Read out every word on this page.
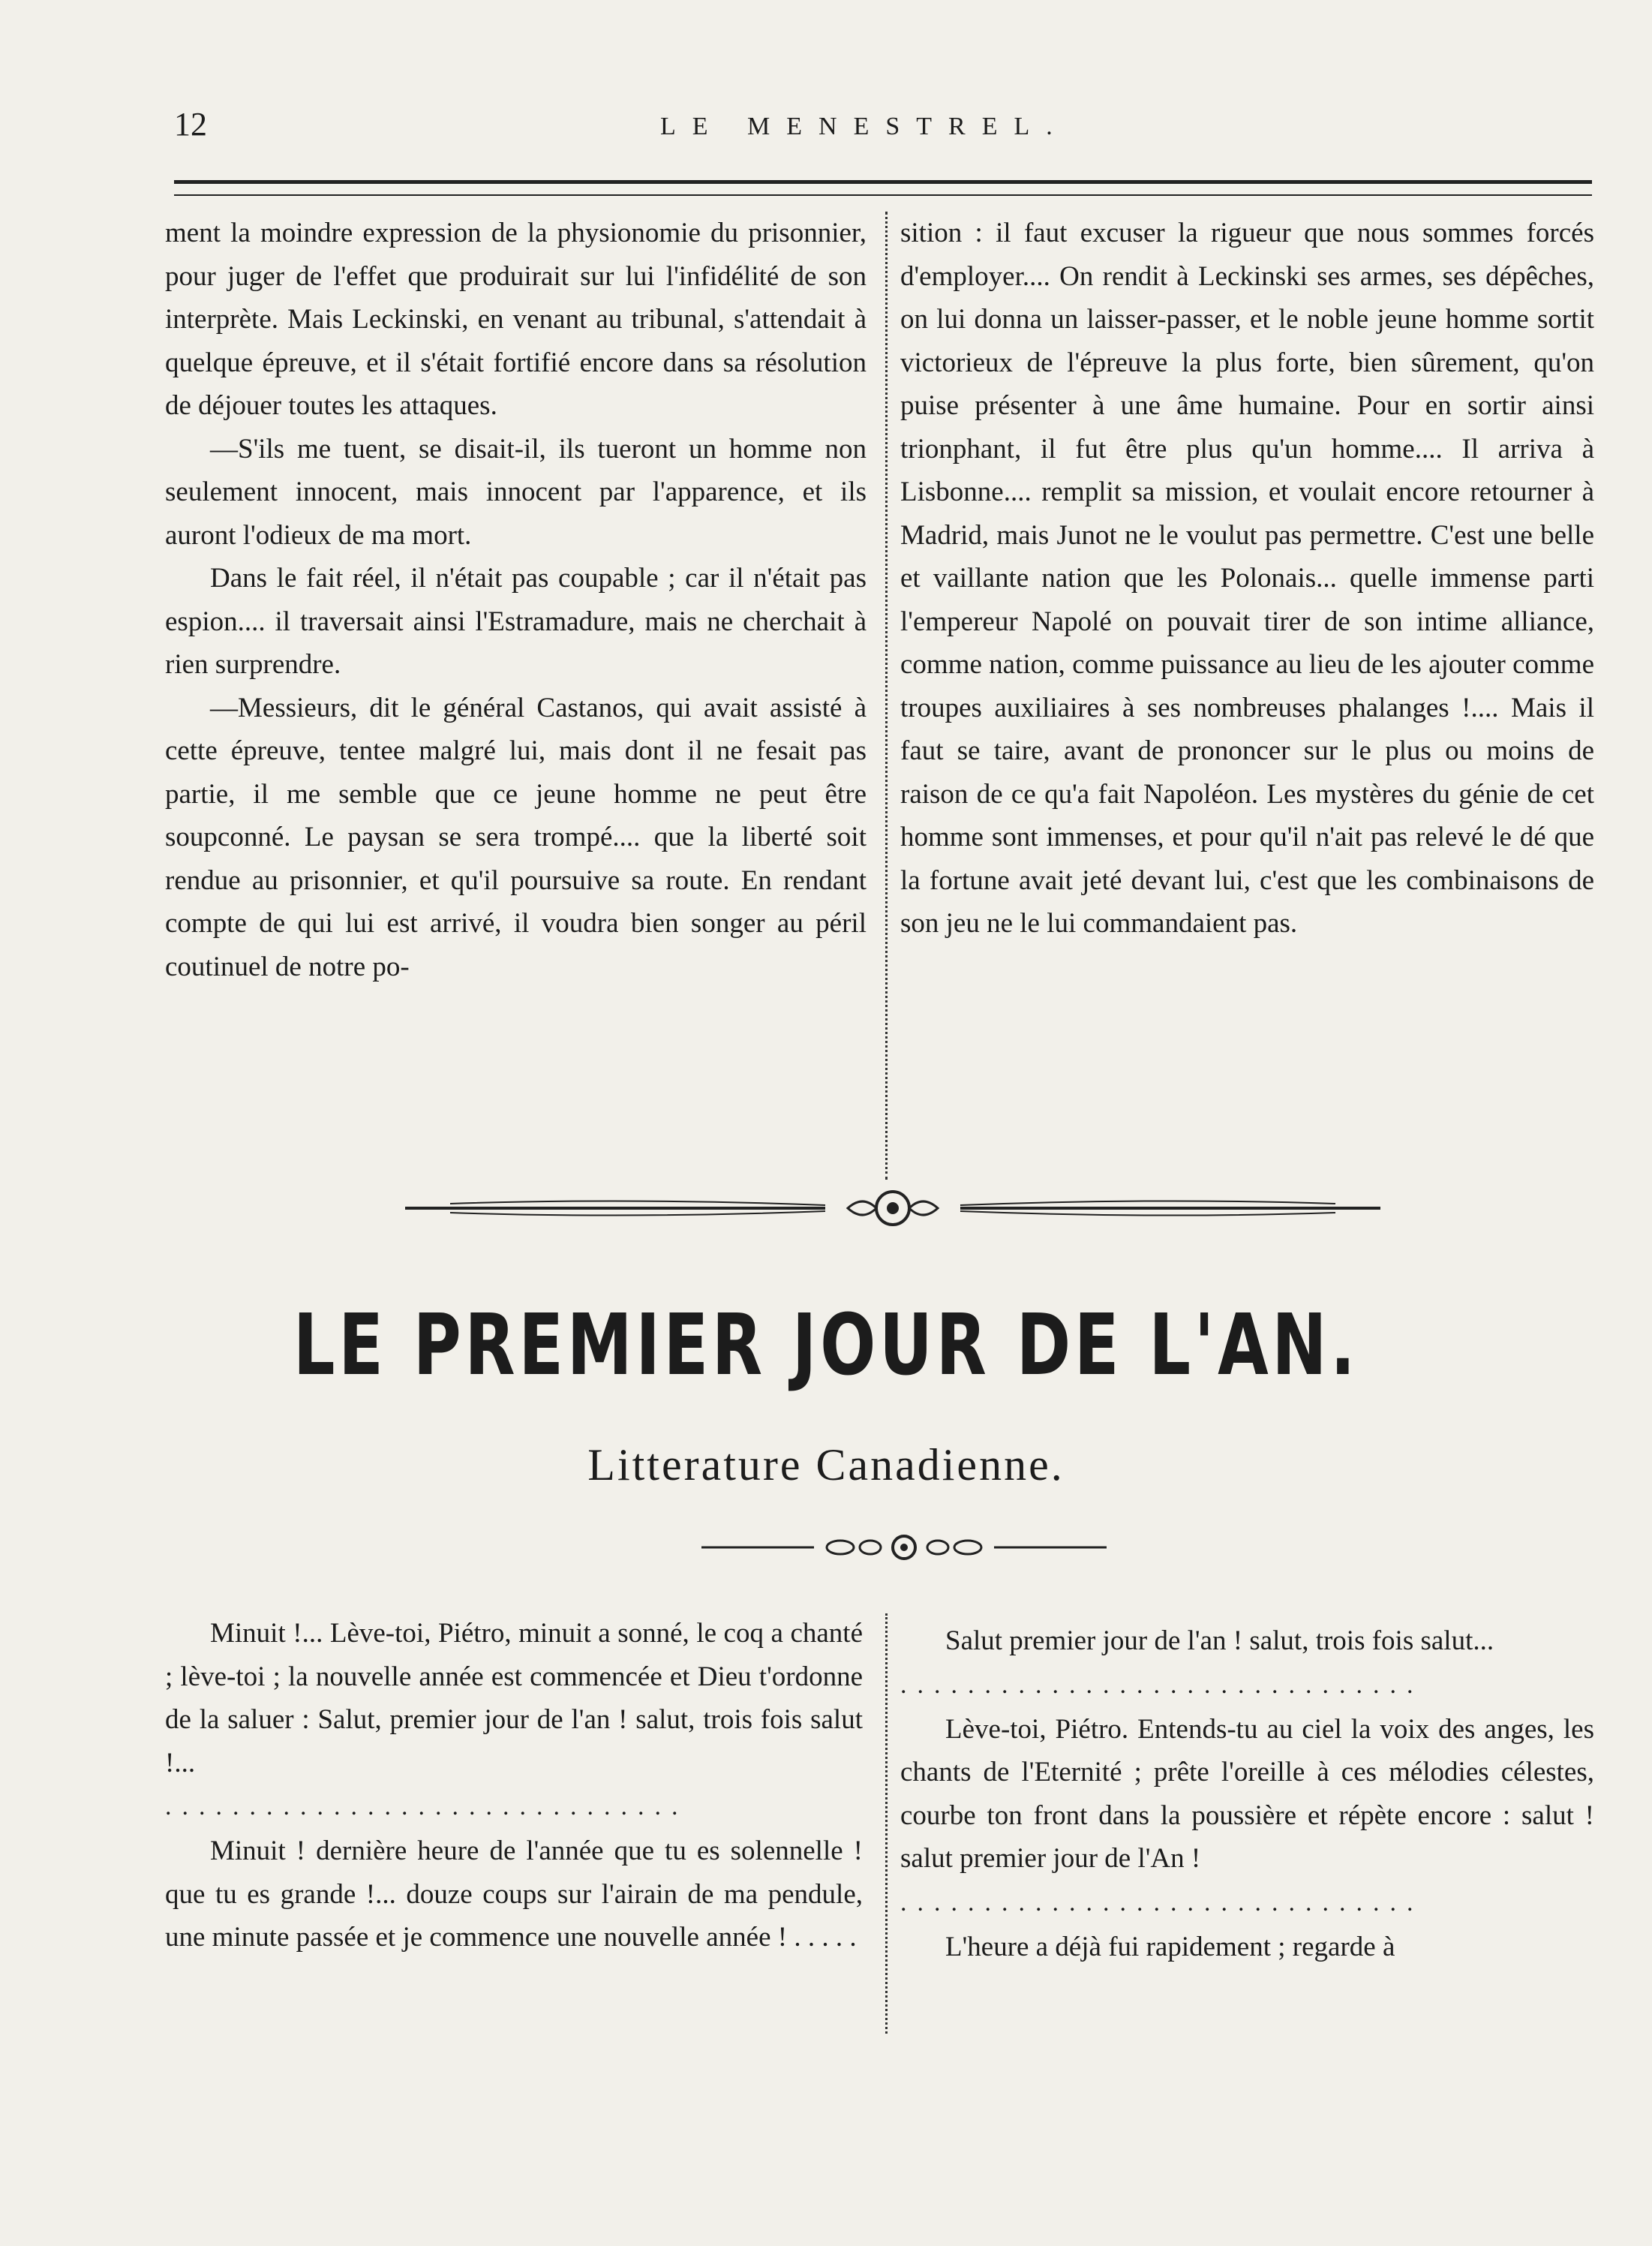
12	LE MENESTREL.

ment la moindre expression de la physionomie du prisonnier, pour juger de l'effet que produirait sur lui l'infidélité de son interprète. Mais Leckinski, en venant au tribunal, s'attendait à quelque épreuve, et il s'était fortifié encore dans sa résolution de déjouer toutes les attaques.

—S'ils me tuent, se disait-il, ils tueront un homme non seulement innocent, mais innocent par l'apparence, et ils auront l'odieux de ma mort.

Dans le fait réel, il n'était pas coupable ; car il n'était pas espion.... il traversait ainsi l'Estramadure, mais ne cherchait à rien surprendre.

—Messieurs, dit le général Castanos, qui avait assisté à cette épreuve, tentee malgré lui, mais dont il ne fesait pas partie, il me semble que ce jeune homme ne peut être soupconné. Le paysan se sera trompé.... que la liberté soit rendue au prisonnier, et qu'il poursuive sa route. En rendant compte de qui lui est arrivé, il voudra bien songer au péril coutinuel de notre po-

sition : il faut excuser la rigueur que nous sommes forcés d'employer.... On rendit à Leckinski ses armes, ses dépêches, on lui donna un laisser-passer, et le noble jeune homme sortit victorieux de l'épreuve la plus forte, bien sûrement, qu'on puise présenter à une âme humaine. Pour en sortir ainsi trionphant, il fut être plus qu'un homme.... Il arriva à Lisbonne.... remplit sa mission, et voulait encore retourner à Madrid, mais Junot ne le voulut pas permettre. C'est une belle et vaillante nation que les Polonais... quelle immense parti l'empereur Napolé on pouvait tirer de son intime alliance, comme nation, comme puissance au lieu de les ajouter comme troupes auxiliaires à ses nombreuses phalanges !.... Mais il faut se taire, avant de prononcer sur le plus ou moins de raison de ce qu'a fait Napoléon. Les mystères du génie de cet homme sont immenses, et pour qu'il n'ait pas relevé le dé que la fortune avait jeté devant lui, c'est que les combinaisons de son jeu ne le lui commandaient pas.

LE PREMIER JOUR DE L'AN.
Litterature Canadienne.

Minuit !... Lève-toi, Piétro, minuit a sonné, le coq a chanté ; lève-toi ; la nouvelle année est commencée et Dieu t'ordonne de la saluer : Salut, premier jour de l'an ! salut, trois fois salut !...

...............................

Minuit ! dernière heure de l'année que tu es solennelle ! que tu es grande !... douze coups sur l'airain de ma pendule, une minute passée et je commence une nouvelle année ! . . . . .

Salut premier jour de l'an ! salut, trois fois salut...

...............................

Lève-toi, Piétro. Entends-tu au ciel la voix des anges, les chants de l'Eternité ; prête l'oreille à ces mélodies célestes, courbe ton front dans la poussière et répète encore : salut ! salut premier jour de l'An !

...............................

L'heure a déjà fui rapidement ; regarde à
